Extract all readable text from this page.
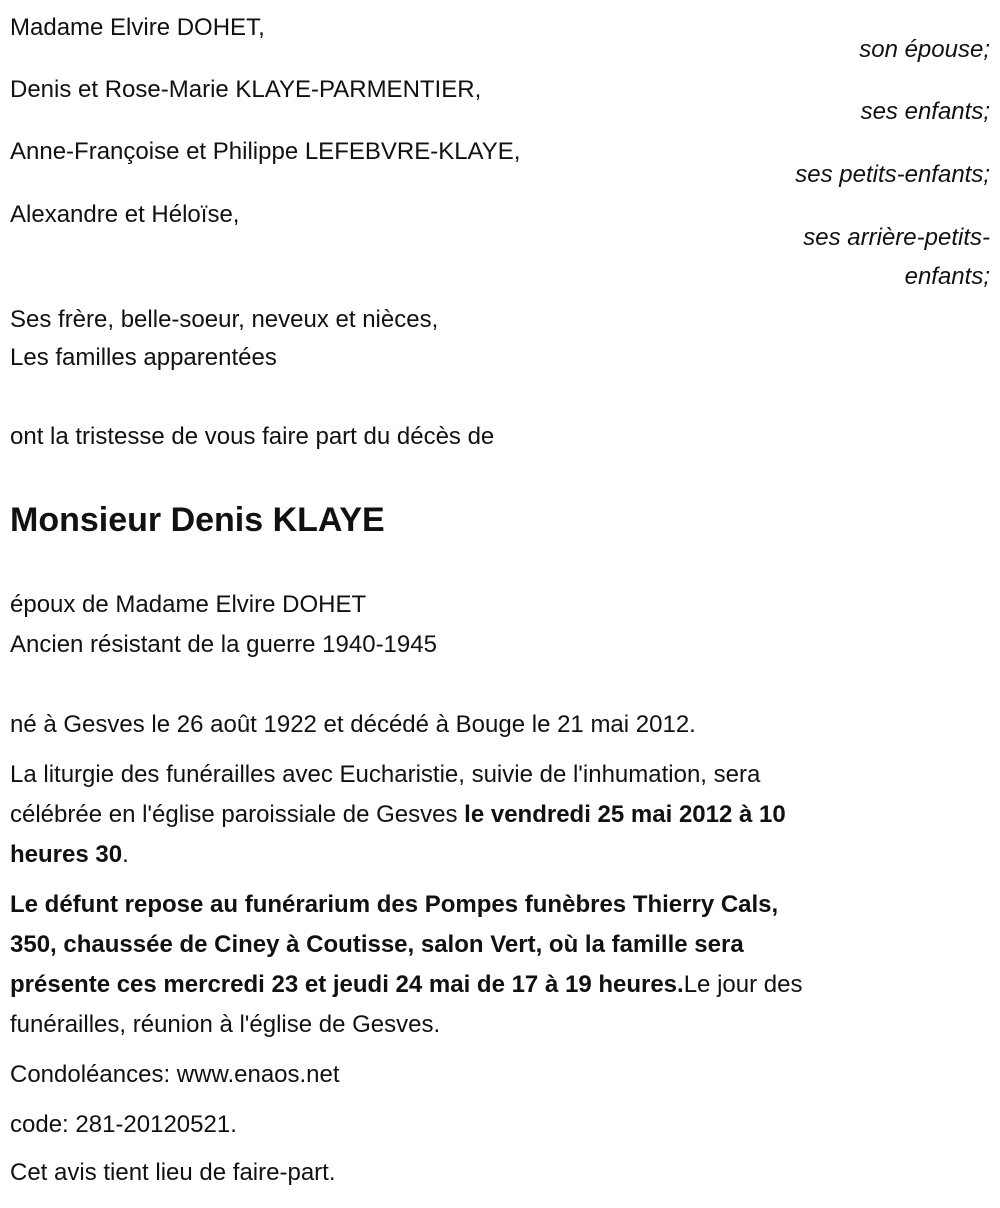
Madame Elvire DOHET,
son épouse;
Denis et Rose-Marie KLAYE-PARMENTIER,
ses enfants;
Anne-Françoise et Philippe LEFEBVRE-KLAYE,
ses petits-enfants;
Alexandre et Héloïse,
ses arrière-petits-
enfants;
Ses frère, belle-soeur, neveux et nièces,
Les familles apparentées
ont la tristesse de vous faire part du décès de
Monsieur Denis KLAYE
époux de Madame Elvire DOHET
Ancien résistant de la guerre 1940-1945
né à Gesves le 26 août 1922 et décédé à Bouge le 21 mai 2012.
La liturgie des funérailles avec Eucharistie, suivie de l'inhumation, sera
célébrée en l'église paroissiale de Gesves le vendredi 25 mai 2012 à 10
heures 30.
Le défunt repose au funérarium des Pompes funèbres Thierry Cals,
350, chaussée de Ciney à Coutisse, salon Vert, où la famille sera
présente ces mercredi 23 et jeudi 24 mai de 17 à 19 heures.Le jour des
funérailles, réunion à l'église de Gesves.
Condoléances: www.enaos.net
code: 281-20120521.
Cet avis tient lieu de faire-part.
